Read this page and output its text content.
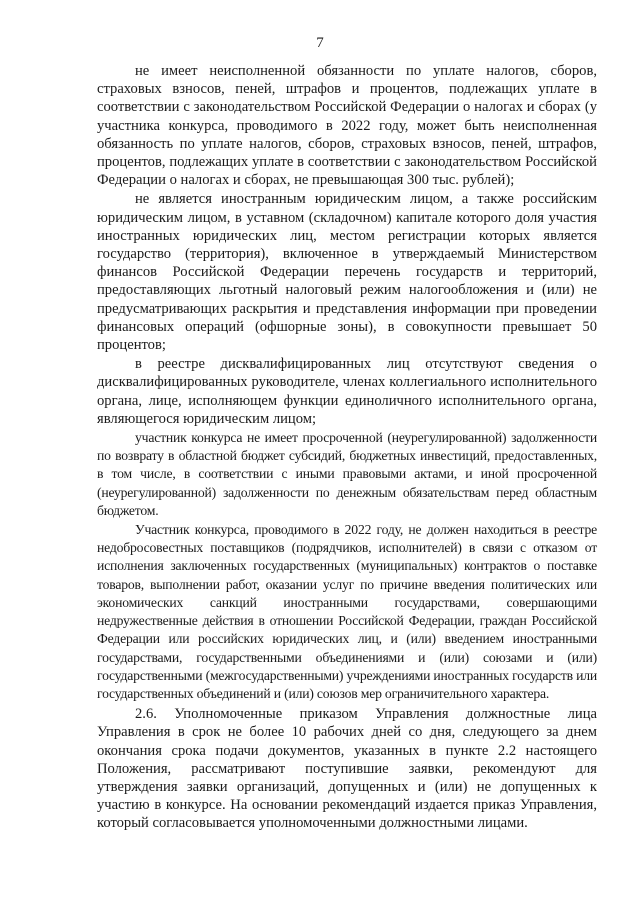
7

не имеет неисполненной обязанности по уплате налогов, сборов, страховых взносов, пеней, штрафов и процентов, подлежащих уплате в соответствии с законодательством Российской Федерации о налогах и сборах (у участника конкурса, проводимого в 2022 году, может быть неисполненная обязанность по уплате налогов, сборов, страховых взносов, пеней, штрафов, процентов, подлежащих уплате в соответствии с законодательством Российской Федерации о налогах и сборах, не превышающая 300 тыс. рублей);

не является иностранным юридическим лицом, а также российским юридическим лицом, в уставном (складочном) капитале которого доля участия иностранных юридических лиц, местом регистрации которых является государство (территория), включенное в утверждаемый Министерством финансов Российской Федерации перечень государств и территорий, предоставляющих льготный налоговый режим налогообложения и (или) не предусматривающих раскрытия и представления информации при проведении финансовых операций (офшорные зоны), в совокупности превышает 50 процентов;

в реестре дисквалифицированных лиц отсутствуют сведения о дисквалифицированных руководителе, членах коллегиального исполнительного органа, лице, исполняющем функции единоличного исполнительного органа, являющегося юридическим лицом;

участник конкурса не имеет просроченной (неурегулированной) задолженности по возврату в областной бюджет субсидий, бюджетных инвестиций, предоставленных, в том числе, в соответствии с иными правовыми актами, и иной просроченной (неурегулированной) задолженности по денежным обязательствам перед областным бюджетом.

Участник конкурса, проводимого в 2022 году, не должен находиться в реестре недобросовестных поставщиков (подрядчиков, исполнителей) в связи с отказом от исполнения заключенных государственных (муниципальных) контрактов о поставке товаров, выполнении работ, оказании услуг по причине введения политических или экономических санкций иностранными государствами, совершающими недружественные действия в отношении Российской Федерации, граждан Российской Федерации или российских юридических лиц, и (или) введением иностранными государствами, государственными объединениями и (или) союзами и (или) государственными (межгосударственными) учреждениями иностранных государств или государственных объединений и (или) союзов мер ограничительного характера.

2.6. Уполномоченные приказом Управления должностные лица Управления в срок не более 10 рабочих дней со дня, следующего за днем окончания срока подачи документов, указанных в пункте 2.2 настоящего Положения, рассматривают поступившие заявки, рекомендуют для утверждения заявки организаций, допущенных и (или) не допущенных к участию в конкурсе. На основании рекомендаций издается приказ Управления, который согласовывается уполномоченными должностными лицами.
